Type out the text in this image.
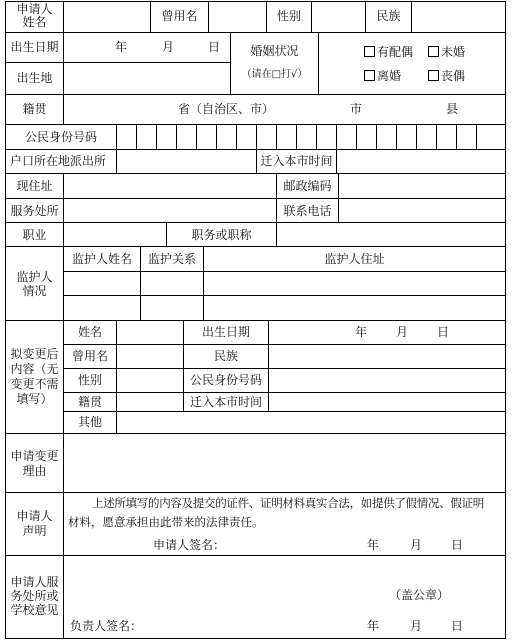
申请人
姓名	曾用名	性别	民族
出生日期	年	月	日	婚姻状况
（请在□打√）
有配偶	未婚
离婚	丧偶
出生地
籍贯	省（自治区、市）	市	县
公民身份号码
户口所在地派出所	迁入本市时间
现住址	邮政编码
服务处所	联系电话
职业	职务或职称
监护人
情况
监护人姓名	监护关系	监护人住址
拟变更后
内容（无
变更不需
填写）
姓名	出生日期	年 月 日
曾用名	民族
性别	公民身份号码
籍贯	迁入本市时间
其他
申请变更
理由
申请人
声明
上述所填写的内容及提交的证件、证明材料真实合法，如提供了假情况、假证明
材料，愿意承担由此带来的法律责任。
申请人签名：	年	月 日
申请人服
务处所或
学校意见
（盖公章）
负责人签名：	年	月 日
